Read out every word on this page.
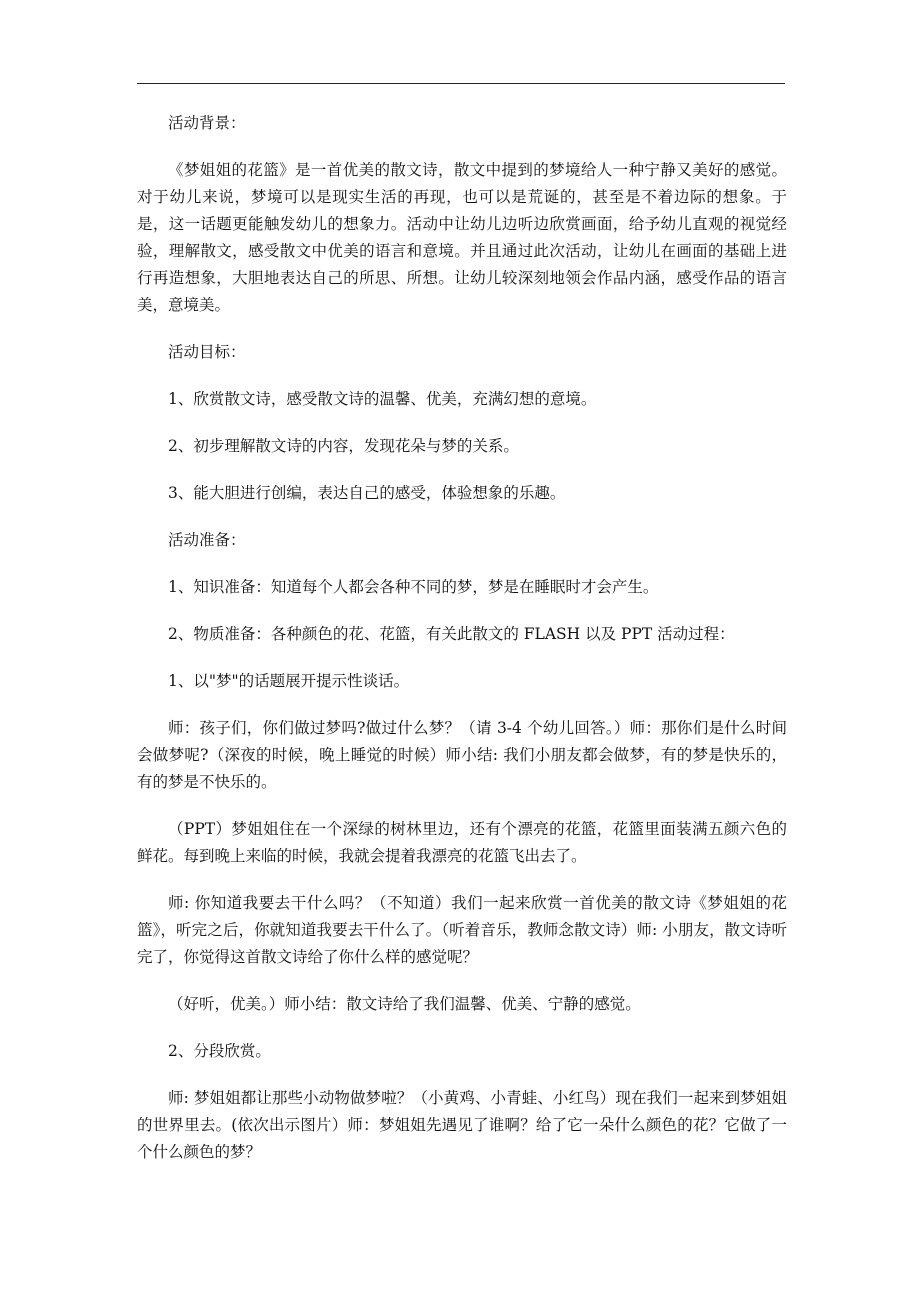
活动背景：

《梦姐姐的花篮》是一首优美的散文诗，散文中提到的梦境给人一种宁静又美好的感觉。对于幼儿来说，梦境可以是现实生活的再现，也可以是荒诞的，甚至是不着边际的想象。于是，这一话题更能触发幼儿的想象力。活动中让幼儿边听边欣赏画面，给予幼儿直观的视觉经验，理解散文，感受散文中优美的语言和意境。并且通过此次活动，让幼儿在画面的基础上进行再造想象，大胆地表达自己的所思、所想。让幼儿较深刻地领会作品内涵，感受作品的语言美，意境美。

活动目标：

1、欣赏散文诗，感受散文诗的温馨、优美，充满幻想的意境。

2、初步理解散文诗的内容，发现花朵与梦的关系。

3、能大胆进行创编，表达自己的感受，体验想象的乐趣。

活动准备：

1、知识准备：知道每个人都会各种不同的梦，梦是在睡眠时才会产生。

2、物质准备：各种颜色的花、花篮，有关此散文的 FLASH 以及 PPT 活动过程：

1、以"梦"的话题展开提示性谈话。

师：孩子们，你们做过梦吗?做过什么梦？（请 3-4 个幼儿回答。）师：那你们是什么时间会做梦呢?（深夜的时候，晚上睡觉的时候）师小结: 我们小朋友都会做梦，有的梦是快乐的，有的梦是不快乐的。

（PPT）梦姐姐住在一个深绿的树林里边，还有个漂亮的花篮，花篮里面装满五颜六色的鲜花。每到晚上来临的时候，我就会提着我漂亮的花篮飞出去了。

师: 你知道我要去干什么吗？（不知道）我们一起来欣赏一首优美的散文诗《梦姐姐的花篮》，听完之后，你就知道我要去干什么了。（听着音乐，教师念散文诗）师: 小朋友，散文诗听完了，你觉得这首散文诗给了你什么样的感觉呢？

（好听，优美。）师小结：散文诗给了我们温馨、优美、宁静的感觉。

2、分段欣赏。

师: 梦姐姐都让那些小动物做梦啦？（小黄鸡、小青蛙、小红鸟）现在我们一起来到梦姐姐的世界里去。(依次出示图片）师：梦姐姐先遇见了谁啊？给了它一朵什么颜色的花？它做了一个什么颜色的梦？
